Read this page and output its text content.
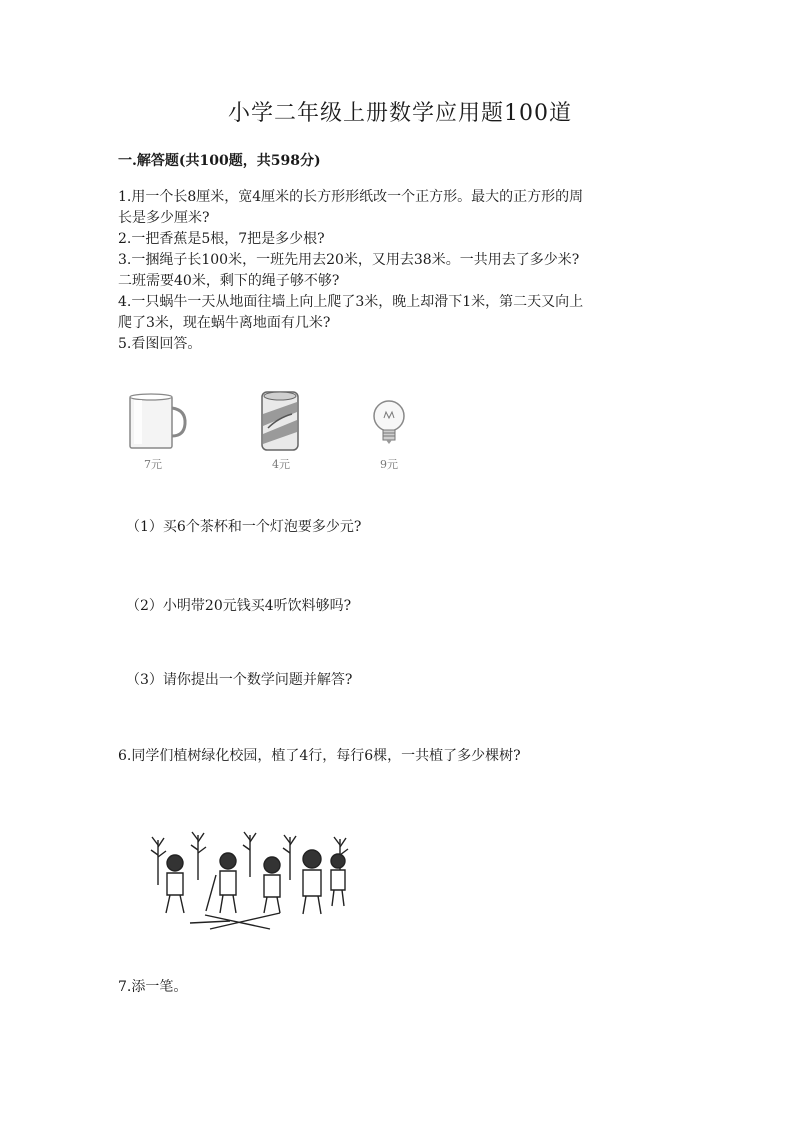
小学二年级上册数学应用题100道
一.解答题(共100题，共598分)
1.用一个长8厘米，宽4厘米的长方形形纸改一个正方形。最大的正方形的周
长是多少厘米?
2.一把香蕉是5根，7把是多少根?
3.一捆绳子长100米，一班先用去20米，又用去38米。一共用去了多少米?
二班需要40米，剩下的绳子够不够?
4.一只蜗牛一天从地面往墙上向上爬了3米，晚上却滑下1米，第二天又向上
爬了3米，现在蜗牛离地面有几米?
5.看图回答。
7元	4元	9元
（1）买6个茶杯和一个灯泡要多少元?
（2）小明带20元钱买4听饮料够吗?
（3）请你提出一个数学问题并解答?
6.同学们植树绿化校园，植了4行，每行6棵，一共植了多少棵树?
7.添一笔。
